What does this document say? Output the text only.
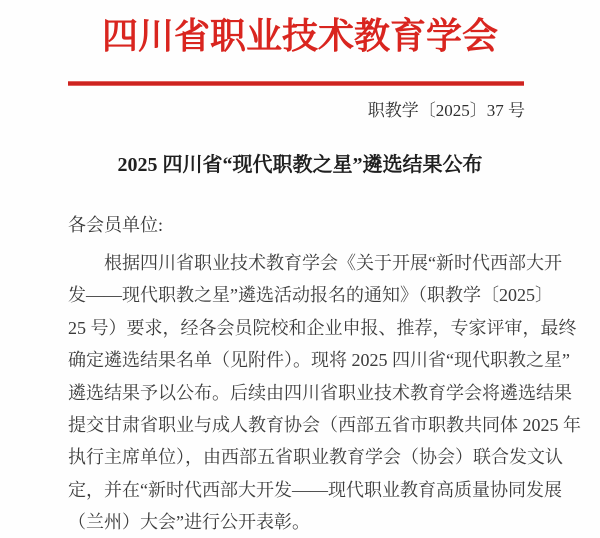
四川省职业技术教育学会
职教学〔2025〕37 号
2025 四川省“现代职教之星”遴选结果公布
各会员单位:
根据四川省职业技术教育学会《关于开展“新时代西部大开
发——现代职教之星”遴选活动报名的通知》（职教学〔2025〕
25 号）要求，经各会员院校和企业申报、推荐，专家评审，最终
确定遴选结果名单（见附件）。现将 2025 四川省“现代职教之星”
遴选结果予以公布。后续由四川省职业技术教育学会将遴选结果
提交甘肃省职业与成人教育协会（西部五省市职教共同体 2025 年
执行主席单位），由西部五省职业教育学会（协会）联合发文认
定，并在“新时代西部大开发——现代职业教育高质量协同发展
（兰州）大会”进行公开表彰。
